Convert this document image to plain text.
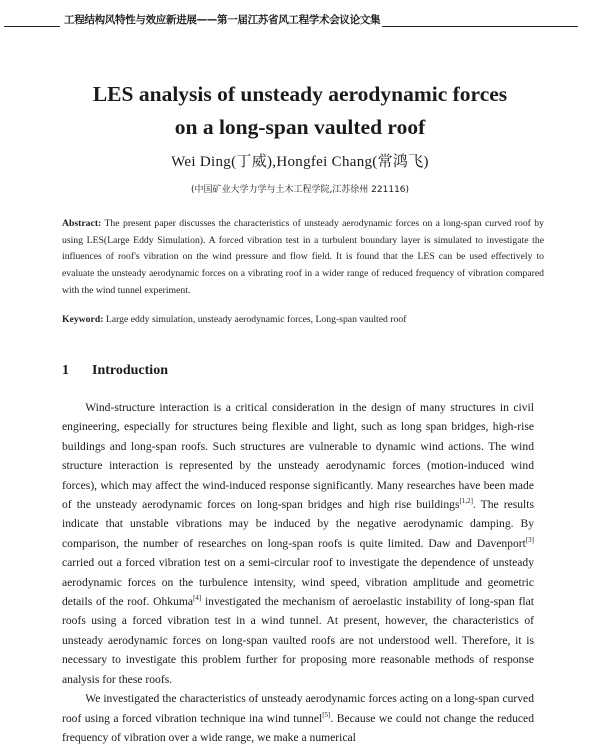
工程结构风特性与效应新进展——第一届江苏省风工程学术会议论文集
LES analysis of unsteady aerodynamic forces
on a long-span vaulted roof
Wei Ding(丁威),Hongfei Chang(常鸿飞)
(中国矿业大学力学与土木工程学院,江苏徐州 221116)
Abstract: The present paper discusses the characteristics of unsteady aerodynamic forces on a long-span curved roof by using LES(Large Eddy Simulation). A forced vibration test in a turbulent boundary layer is simulated to investigate the influences of roof's vibration on the wind pressure and flow field. It is found that the LES can be used effectively to evaluate the unsteady aerodynamic forces on a vibrating roof in a wider range of reduced frequency of vibration compared with the wind tunnel experiment.
Keyword: Large eddy simulation, unsteady aerodynamic forces, Long-span vaulted roof
1 Introduction

Wind-structure interaction is a critical consideration in the design of many structures in civil engineering, especially for structures being flexible and light, such as long span bridges, high-rise buildings and long-span roofs. Such structures are vulnerable to dynamic wind actions. The wind structure interaction is represented by the unsteady aerodynamic forces (motion-induced wind forces), which may affect the wind-induced response significantly. Many researches have been made of the unsteady aerodynamic forces on long-span bridges and high rise buildings[1,2]. The results indicate that unstable vibrations may be induced by the negative aerodynamic damping. By comparison, the number of researches on long-span roofs is quite limited. Daw and Davenport[3] carried out a forced vibration test on a semi-circular roof to investigate the dependence of unsteady aerodynamic forces on the turbulence intensity, wind speed, vibration amplitude and geometric details of the roof. Ohkuma[4] investigated the mechanism of aeroelastic instability of long-span flat roofs using a forced vibration test in a wind tunnel. At present, however, the characteristics of unsteady aerodynamic forces on long-span vaulted roofs are not understood well. Therefore, it is necessary to investigate this problem further for proposing more reasonable methods of response analysis for these roofs.

We investigated the characteristics of unsteady aerodynamic forces acting on a long-span curved roof using a forced vibration technique ina wind tunnel[5]. Because we could not change the reduced frequency of vibration over a wide range, we make a numerical
